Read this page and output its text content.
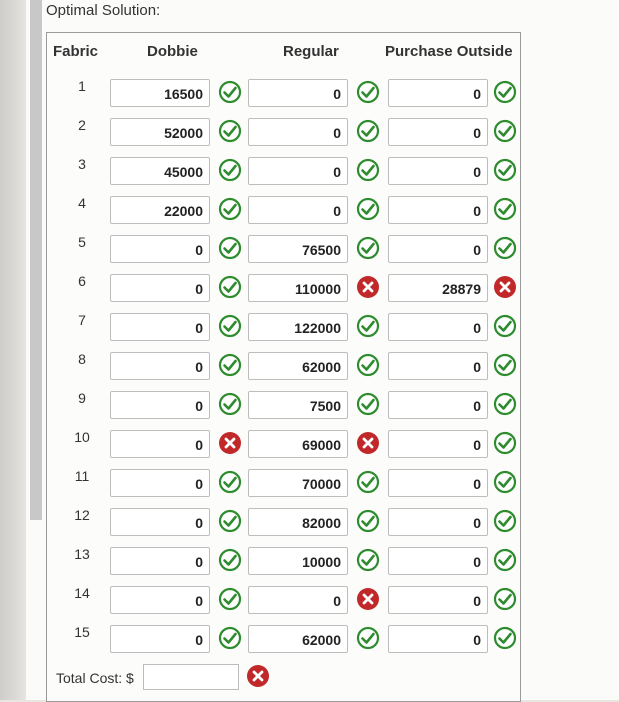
Optimal Solution:
Fabric	Dobbie	Regular	Purchase Outside
1	16500	0	0
2	52000	0	0
3	45000	0	0
4	22000	0	0
5	0	76500	0
6	0	110000	28879
7	0	122000	0
8	0	62000	0
9	0	7500	0
10	0	69000	0
11	0	70000	0
12	0	82000	0
13	0	10000	0
14	0	0	0
15	0	62000	0
Total Cost: $
